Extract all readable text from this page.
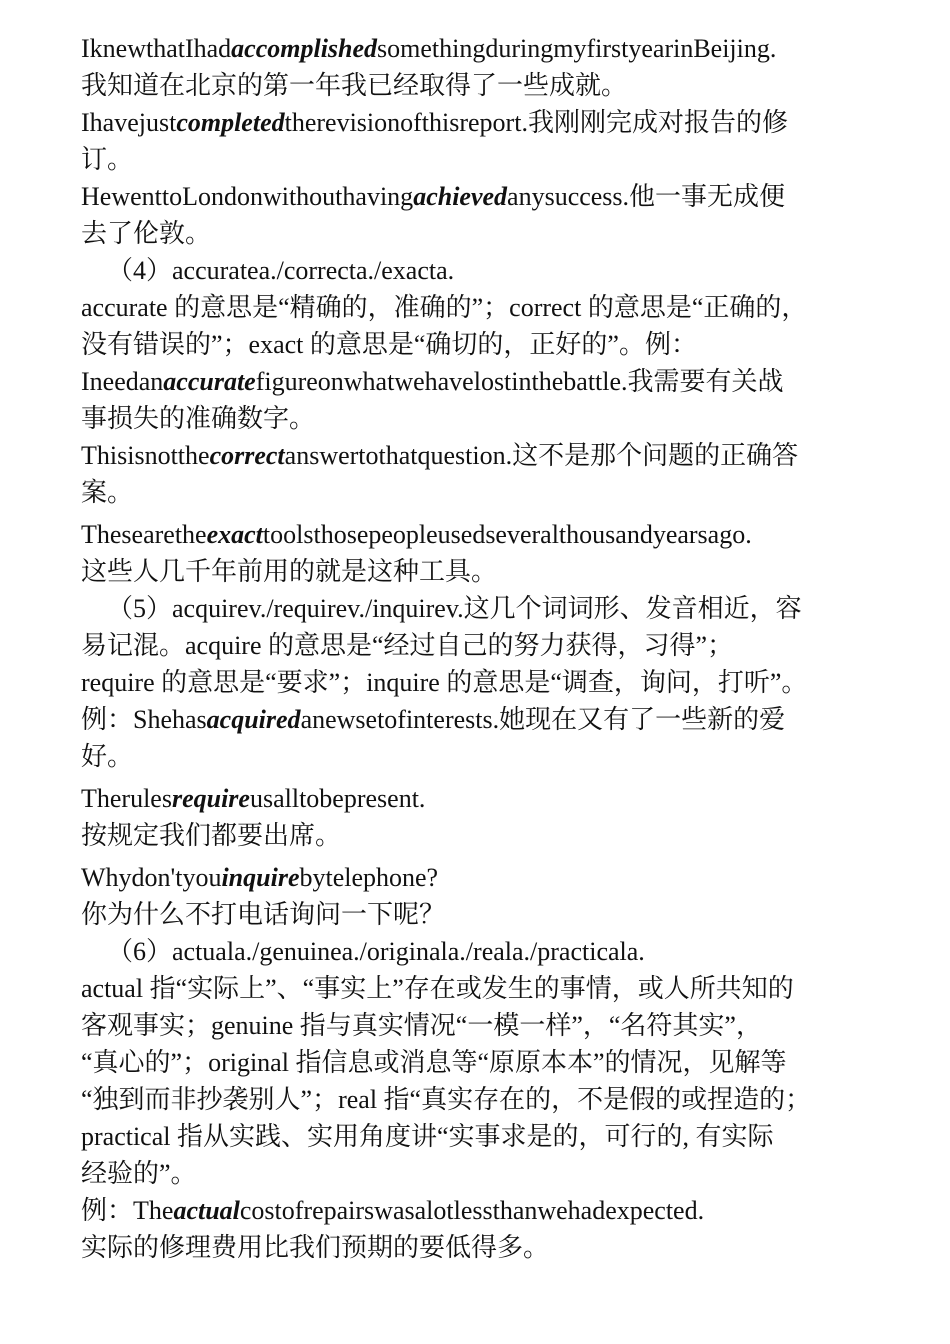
IknewthatIhadaccomplishedsomethingduringmyfirstyearinBeijing.
我知道在北京的第一年我已经取得了一些成就。
Ihavejustcompletedtherevisionofthisreport.我刚刚完成对报告的修
订。
HewenttoLondonwithouthavingachievedanysuccess.他一事无成便
去了伦敦。
（4）accuratea./correcta./exacta.
accurate 的意思是“精确的，准确的”；correct 的意思是“正确的，
没有错误的”；exact 的意思是“确切的，正好的”。例：
Ineedanaccuratefigureonwhatwehavelostinthebattle.我需要有关战
事损失的准确数字。
Thisisnotthecorrectanswertothatquestion.这不是那个问题的正确答
案。
Thesearetheexacttoolsthosepeopleusedseveralthousandyearsago.
这些人几千年前用的就是这种工具。
（5）acquirev./requirev./inquirev.这几个词词形、发音相近，容
易记混。acquire 的意思是“经过自己的努力获得，习得”；
require 的意思是“要求”；inquire 的意思是“调查，询问，打听”。
例：Shehasacquiredanewsetofinterests.她现在又有了一些新的爱
好。
Therulesrequireusalltobepresent.
按规定我们都要出席。
Whydon'tyouinquirebytelephone?
你为什么不打电话询问一下呢？
（6）actuala./genuinea./originala./reala./practicala.
actual 指“实际上”、“事实上”存在或发生的事情，或人所共知的
客观事实；genuine 指与真实情况“一模一样”，“名符其实”，
“真心的”；original 指信息或消息等“原原本本”的情况，见解等
“独到而非抄袭别人”；real 指“真实存在的，不是假的或捏造的；
practical 指从实践、实用角度讲“实事求是的，可行的, 有实际
经验的”。
例：Theactualcostofrepairswasalotlessthanwehadexpected.
实际的修理费用比我们预期的要低得多。
